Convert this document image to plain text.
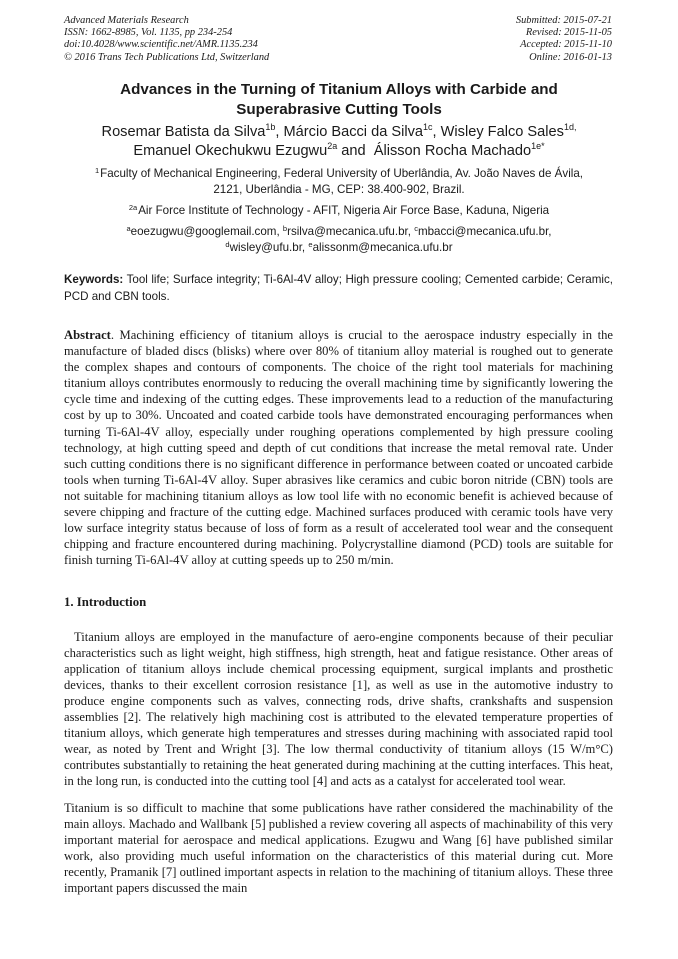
Advanced Materials Research
ISSN: 1662-8985, Vol. 1135, pp 234-254
doi:10.4028/www.scientific.net/AMR.1135.234
© 2016 Trans Tech Publications Ltd, Switzerland
Submitted: 2015-07-21
Revised: 2015-11-05
Accepted: 2015-11-10
Online: 2016-01-13
Advances in the Turning of Titanium Alloys with Carbide and
Superabrasive Cutting Tools
Rosemar Batista da Silva$^{1b}$, Márcio Bacci da Silva$^{1c}$, Wisley Falco Sales$^{1d,}$
Emanuel Okechukwu Ezugwu$^{2a}$ and  Álisson Rocha Machado$^{1e*}$
$^1$ Faculty of Mechanical Engineering, Federal University of Uberlândia, Av. João Naves de Ávila,
2121, Uberlândia - MG, CEP: 38.400-902, Brazil.
$^{2a}$ Air Force Institute of Technology - AFIT, Nigeria Air Force Base, Kaduna, Nigeria
$^a$eoezugwu@googlemail.com, $^b$rsilva@mecanica.ufu.br, $^c$mbacci@mecanica.ufu.br,
$^d$wisley@ufu.br, $^e$alissonm@mecanica.ufu.br
Keywords: Tool life; Surface integrity; Ti-6Al-4V alloy; High pressure cooling; Cemented carbide; Ceramic, PCD and CBN tools.
Abstract. Machining efficiency of titanium alloys is crucial to the aerospace industry especially in the manufacture of bladed discs (blisks) where over 80% of titanium alloy material is roughed out to generate the complex shapes and contours of components. The choice of the right tool materials for machining titanium alloys contributes enormously to reducing the overall machining time by significantly lowering the cycle time and indexing of the cutting edges. These improvements lead to a reduction of the manufacturing cost by up to 30%. Uncoated and coated carbide tools have demonstrated encouraging performances when turning Ti-6Al-4V alloy, especially under roughing operations complemented by high pressure cooling technology, at high cutting speed and depth of cut conditions that increase the metal removal rate. Under such cutting conditions there is no significant difference in performance between coated or uncoated carbide tools when turning Ti-6Al-4V alloy. Super abrasives like ceramics and cubic boron nitride (CBN) tools are not suitable for machining titanium alloys as low tool life with no economic benefit is achieved because of severe chipping and fracture of the cutting edge. Machined surfaces produced with ceramic tools have very low surface integrity status because of loss of form as a result of accelerated tool wear and the consequent chipping and fracture encountered during machining. Polycrystalline diamond (PCD) tools are suitable for finish turning Ti-6Al-4V alloy at cutting speeds up to 250 m/min.
1. Introduction
Titanium alloys are employed in the manufacture of aero-engine components because of their peculiar characteristics such as light weight, high stiffness, high strength, heat and fatigue resistance. Other areas of application of titanium alloys include chemical processing equipment, surgical implants and prosthetic devices, thanks to their excellent corrosion resistance [1], as well as use in the automotive industry to produce engine components such as valves, connecting rods, drive shafts, crankshafts and suspension assemblies [2]. The relatively high machining cost is attributed to the elevated temperature properties of titanium alloys, which generate high temperatures and stresses during machining with associated rapid tool wear, as noted by Trent and Wright [3]. The low thermal conductivity of titanium alloys (15 W/m°C) contributes substantially to retaining the heat generated during machining at the cutting interfaces. This heat, in the long run, is conducted into the cutting tool [4] and acts as a catalyst for accelerated tool wear.
Titanium is so difficult to machine that some publications have rather considered the machinability of the main alloys. Machado and Wallbank [5] published a review covering all aspects of machinability of this very important material for aerospace and medical applications. Ezugwu and Wang [6] have published similar work, also providing much useful information on the characteristics of this material during cut. More recently, Pramanik [7] outlined important aspects in relation to the machining of titanium alloys. These three important papers discussed the main
